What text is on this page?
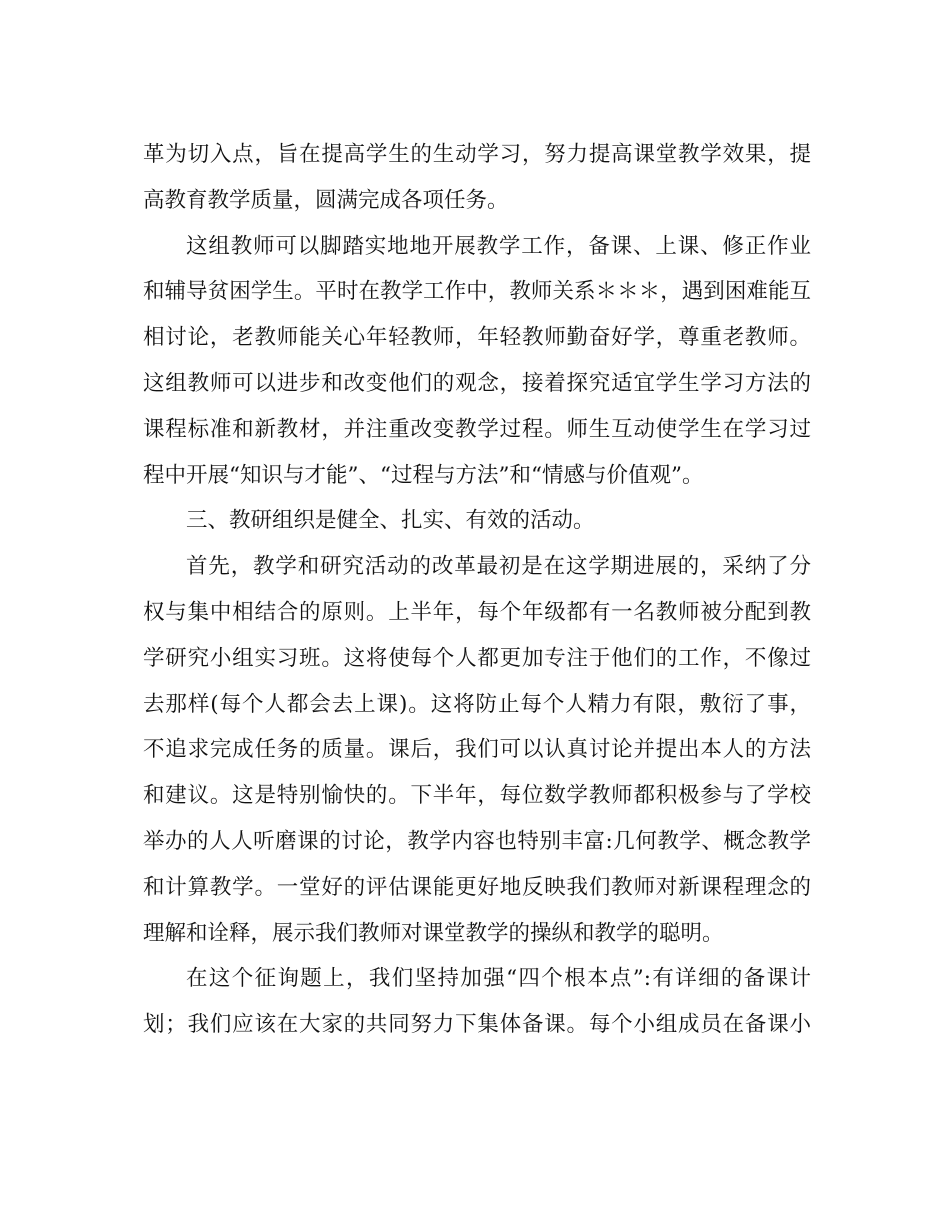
革为切入点，旨在提高学生的生动学习，努力提高课堂教学效果，提
高教育教学质量，圆满完成各项任务。
这组教师可以脚踏实地地开展教学工作，备课、上课、修正作业
和辅导贫困学生。平时在教学工作中，教师关系＊＊＊，遇到困难能互
相讨论，老教师能关心年轻教师，年轻教师勤奋好学，尊重老教师。
这组教师可以进步和改变他们的观念，接着探究适宜学生学习方法的
课程标准和新教材，并注重改变教学过程。师生互动使学生在学习过
程中开展“知识与才能”、“过程与方法”和“情感与价值观”。
三、教研组织是健全、扎实、有效的活动。
首先，教学和研究活动的改革最初是在这学期进展的，采纳了分
权与集中相结合的原则。上半年，每个年级都有一名教师被分配到教
学研究小组实习班。这将使每个人都更加专注于他们的工作，不像过
去那样(每个人都会去上课)。这将防止每个人精力有限，敷衍了事，
不追求完成任务的质量。课后，我们可以认真讨论并提出本人的方法
和建议。这是特别愉快的。下半年，每位数学教师都积极参与了学校
举办的人人听磨课的讨论，教学内容也特别丰富:几何教学、概念教学
和计算教学。一堂好的评估课能更好地反映我们教师对新课程理念的
理解和诠释，展示我们教师对课堂教学的操纵和教学的聪明。
在这个征询题上，我们坚持加强“四个根本点”:有详细的备课计
划；我们应该在大家的共同努力下集体备课。每个小组成员在备课小
